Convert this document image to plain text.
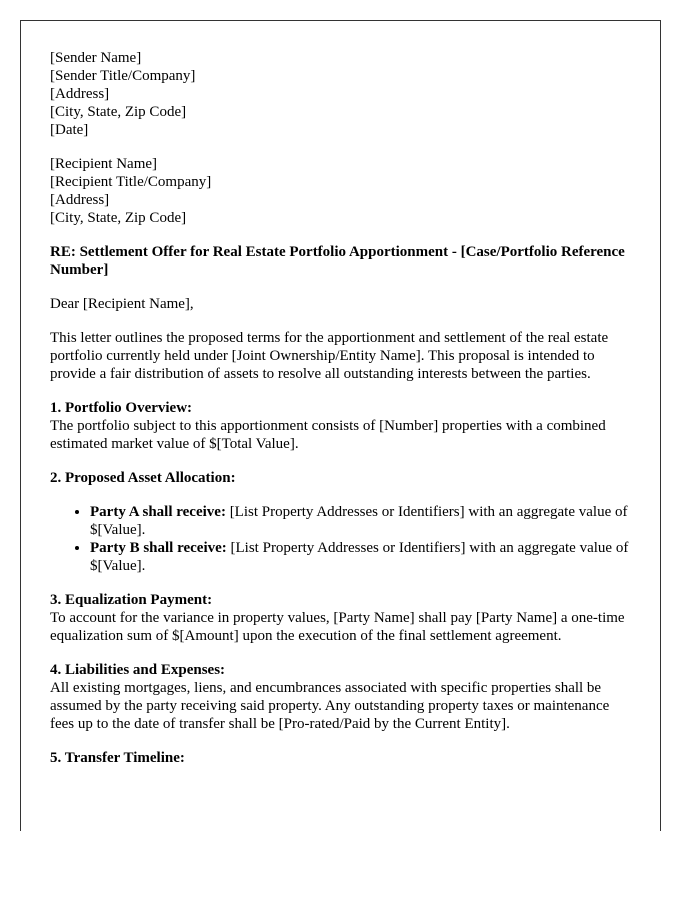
[Sender Name]
[Sender Title/Company]
[Address]
[City, State, Zip Code]
[Date]

[Recipient Name]
[Recipient Title/Company]
[Address]
[City, State, Zip Code]

RE: Settlement Offer for Real Estate Portfolio Apportionment - [Case/Portfolio Reference Number]

Dear [Recipient Name],

This letter outlines the proposed terms for the apportionment and settlement of the real estate portfolio currently held under [Joint Ownership/Entity Name]. This proposal is intended to provide a fair distribution of assets to resolve all outstanding interests between the parties.

1. Portfolio Overview:
The portfolio subject to this apportionment consists of [Number] properties with a combined estimated market value of $[Total Value].

2. Proposed Asset Allocation:

• Party A shall receive: [List Property Addresses or Identifiers] with an aggregate value of $[Value].
• Party B shall receive: [List Property Addresses or Identifiers] with an aggregate value of $[Value].

3. Equalization Payment:
To account for the variance in property values, [Party Name] shall pay [Party Name] a one-time equalization sum of $[Amount] upon the execution of the final settlement agreement.

4. Liabilities and Expenses:
All existing mortgages, liens, and encumbrances associated with specific properties shall be assumed by the party receiving said property. Any outstanding property taxes or maintenance fees up to the date of transfer shall be [Pro-rated/Paid by the Current Entity].

5. Transfer Timeline:
